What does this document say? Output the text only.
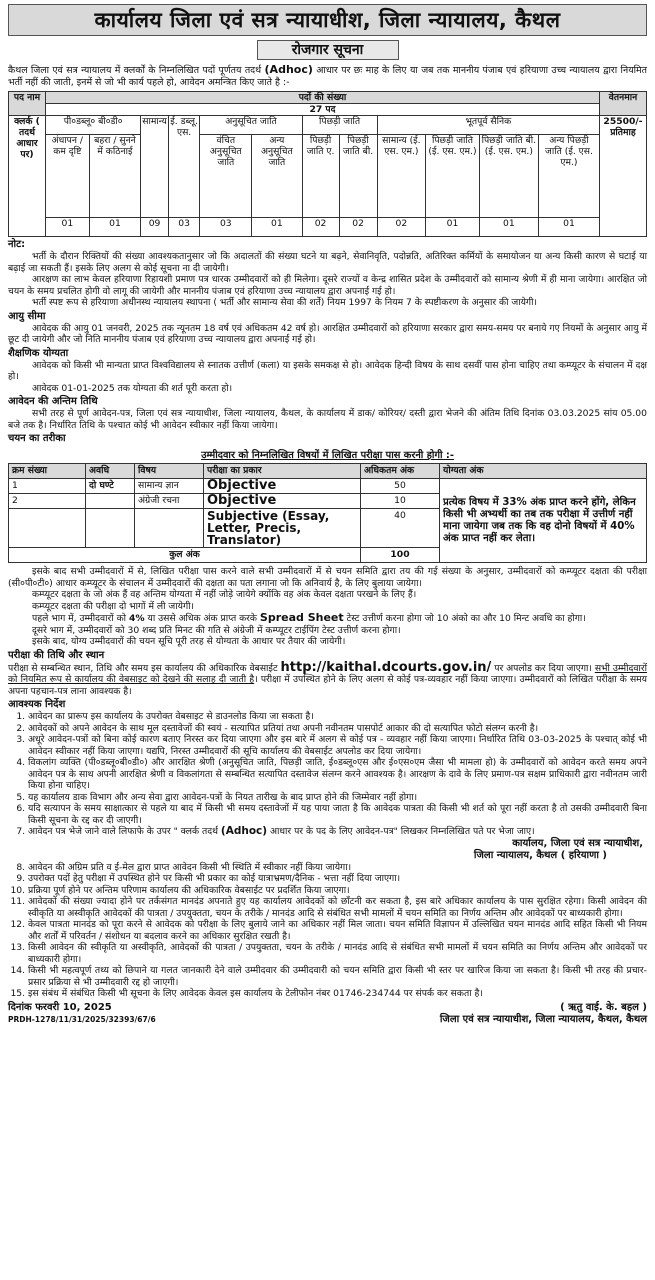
कार्यालय जिला एवं सत्र न्यायाधीश, जिला न्यायालय, कैथल
रोजगार सूचना

कैथल जिला एवं सत्र न्यायालय में क्लर्कों के निम्नलिखित पदों पूर्णतय तदर्थ (Adhoc) आधार पर छः माह के लिए या जब तक माननीय पंजाब एवं हरियाणा उच्च न्यायालय द्वारा नियमित भर्ती नहीं की जाती, इनमें से जो भी कार्य पहले हो, आवेदन अमन्त्रित किए जाते है :-

पद नाम	पदों की संख्या												वेतनमान
	27 पद												
क्लर्क ( तदर्थ आधार पर)	पी०डब्लू० बी०डी०		सामान्य	ई. डब्लू. एस.	अनुसूचित जाति		पिछड़ी जाति		भूतपूर्व सैनिक				25500/- प्रतिमाह
	अंधापन / कम दृष्टि	बहरा / सुनने में कठिनाई			वंचित अनुसूचित जाति	अन्य अनुसूचित जाति	पिछड़ी जाति ए.	पिछड़ी जाति बी.	सामान्य (ई. एस. एम.)	पिछड़ी जाति (ई. एस. एम.)	पिछड़ी जाति बी. (ई. एस. एम.)	अन्य पिछड़ी जाति (ई. एस. एम.)	
	01	01	09	03	03	01	02	02	02	01	01	01	
नोट:

भर्ती के दौरान रिक्तियों की संख्या आवश्यकतानुसार जो कि अदालतों की संख्या घटने या बढ़ने, सेवानिवृति, पदोन्नति, अतिरिक्त कर्मियों के समायोजन या अन्य किसी कारण से घटाई या बढ़ाई जा सकती हैं। इसके लिए अलग से कोई सूचना ना दी जायेगी।

आरक्षण का लाभ केवल हरियाणा रिहायशी प्रमाण पत्र धारक उम्मीदवारों को ही मिलेगा। दूसरे राज्यों व केन्द्र शासित प्रदेश के उम्मीदवारों को सामान्य श्रेणी में ही माना जायेगा। आरक्षित जो चयन के समय प्रचलित होगी वो लागू की जायेगी और माननीय पंजाब एवं हरियाणा उच्च न्यायालय द्वारा अपनाई गई हो।

भर्ती स्पष्ट रूप से हरियाणा अधीनस्थ न्यायालय स्थापना ( भर्ती और सामान्य सेवा की शर्ते) नियम 1997 के नियम 7 के स्पष्टीकरण के अनुसार की जायेगी।

आयु सीमा

आवेदक की आयु 01 जनवरी, 2025 तक न्यूनतम 18 वर्ष एवं अधिकतम 42 वर्ष हो। आरक्षित उम्मीदवारों को हरियाणा सरकार द्वारा समय-समय पर बनाये गए नियमों के अनुसार आयु में छूट दी जायेगी और जो निति माननीय पंजाब एवं हरियाणा उच्च न्यायालय द्वारा अपनाई गई हो।

शैक्षणिक योग्यता

आवेदक को किसी भी मान्यता प्राप्त विश्वविद्यालय से स्नातक उत्तीर्ण (कला) या इसके समकक्ष से हो। आवेदक हिन्दी विषय के साथ दसवीं पास होना चाहिए तथा कम्प्यूटर के संचालन में दक्ष हो।

आवेदक 01-01-2025 तक योग्यता की शर्त पूरी करता हो।

आवेदन की अन्तिम तिथि

सभी तरह से पूर्ण आवेदन-पत्र, जिला एवं सत्र न्यायाधीश, जिला न्यायालय, कैथल, के कार्यालय में डाक/ कोरियर/ दस्ती द्वारा भेजने की अंतिम तिथि दिनांक 03.03.2025 सांय 05.00 बजे तक है। निर्धारित तिथि के पश्चात कोई भी आवेदन स्वीकार नहीं किया जायेगा।

चयन का तरीका
उम्मीदवार को निम्नलिखित विषयों में लिखित परीक्षा पास करनी होगी :-
क्रम संख्या	अवधि	विषय	परीक्षा का प्रकार	अधिकतम अंक	योग्यता अंक
1	दो घण्टे	सामान्य ज्ञान	Objective	50	प्रत्येक विषय में 33% अंक प्राप्त करने होंगे, लेकिन किसी भी अभ्यर्थी का तब तक परीक्षा में उत्तीर्ण नहीं माना जायेगा जब तक कि वह दोनो विषयों में 40% अंक प्राप्त नहीं कर लेता।
2		अंग्रेजी रचना	Objective	10	
			Subjective (Essay, Letter, Precis, Translator)	40	
कुल अंक				100	

इसके बाद सभी उम्मीदवारों में से, लिखित परीक्षा पास करने वाले सभी उम्मीदवारों में से चयन समिति द्वारा तय की गई संख्या के अनुसार, उम्मीदवारों को कम्प्यूटर दक्षता की परीक्षा (सी०पी०टी०) आधार कम्प्यूटर के संचालन में उम्मीदवारों की दक्षता का पता लगाना जो कि अनिवार्य है, के लिए बुलाया जायेगा।

कम्प्यूटर दक्षता के जो अंक हैं वह अन्तिम योग्यता में नहीं जोड़े जायेगे क्योंकि वह अंक केवल दक्षता परखने के लिए हैं।

कम्प्यूटर दक्षता की परीक्षा दो भागों में ली जायेगी।

पहले भाग में, उम्मीदवारों को 4% या उससे अधिक अंक प्राप्त करके Spread Sheet टेस्ट उत्तीर्ण करना होगा जो 10 अंको का और 10 मिन्ट अवधि का होगा।

दूसरे भाग में, उम्मीदवारों को 30 शब्द प्रति मिनट की गति से अंग्रेजी में कम्प्यूटर टाईपिंग टेस्ट उत्तीर्ण करना होगा।

इसके बाद, योग्य उम्मीदवारों की चयन सूचि पूरी तरह से योग्यता के आधार पर तैयार की जायेगी।

परीक्षा की तिथि और स्थान

परीक्षा से सम्बन्धित स्थान, तिथि और समय इस कार्यालय की अधिकारिक वेबसाईट http://kaithal.dcourts.gov.in/ पर अपलोड कर दिया जाएगा। सभी उम्मीदवारों को नियमित रूप से कार्यालय की वेबसाइट को देखने की सलाह दी जाती है। परीक्षा में उपस्थित होने के लिए अलग से कोई पत्र-व्यवहार नहीं किया जाएगा। उम्मीदवारों को लिखित परीक्षा के समय अपना पहचान-पत्र लाना आवश्यक है।

आवश्यक निर्देश
1. आवेदन का प्रारूप इस कार्यालय के उपरोक्त वेबसाइट से डाउनलोड किया जा सकता है।
2. आवेदकों को अपने आवेदन के साथ मूल दस्तावेजों की स्वयं - सत्यापित प्रतियां तथा अपनी नवीनतम पासपोर्ट आकार की दो सत्यापित फोटो संलग्न करनी है।
3. अधूरे आवेदन-पत्रों को बिना कोई कारण बताए निरस्त कर दिया जाएगा और इस बारे में अलग से कोई पत्र - व्यवहार नहीं किया जाएगा। निर्धारित तिथि 03-03-2025 के पश्चात् कोई भी आवेदन स्वीकार नहीं किया जाएगा। यद्यपि, निरस्त उम्मीदवारों की सूचि कार्यालय की वेबसाईट अपलोड कर दिया जायेगा।
4. विकलांग व्यक्ति (पी०डब्लू०बी०डी०) और आरक्षित श्रेणी (अनुसूचित जाति, पिछड़ी जाति, ई०डब्लू०एस और ई०एस०एम जैसा भी मामला हो) के उम्मीदवारों को आवेदन करते समय अपने आवेदन पत्र के साथ अपनी आरक्षित श्रेणी व विकलांगता से सम्बन्धित सत्यापित दस्तावेज संलग्न करने आवश्यक है। आरक्षण के दावे के लिए प्रमाण-पत्र सक्षम प्राधिकारी द्वारा नवीनतम जारी किया होना चाहिए।
5. यह कार्यालय डाक विभाग और अन्य सेवा द्वारा आवेदन-पत्रों के नियत तारीख के बाद प्राप्त होने की जिम्मेवार नहीं होगा।
6. यदि सत्यापन के समय साक्षात्कार से पहले या बाद में किसी भी समय दस्तावेजों में यह पाया जाता है कि आवेदक पात्रता की किसी भी शर्त को पूरा नहीं करता है तो उसकी उम्मीदवारी बिना किसी सूचना के रद्द कर दी जाएगी।
7. आवेदन पत्र भेजे जाने वाले लिफाफे के उपर " क्लर्क तदर्थ (Adhoc) आधार पर के पद के लिए आवेदन-पत्र" लिखकर निम्नलिखित पते पर भेजा जाए।
कार्यालय, जिला एवं सत्र न्यायाधीश,
जिला न्यायालय, कैथल ( हरियाणा )
8. आवेदन की अग्रिम प्रति व ई-मेल द्वारा प्राप्त आवेदन किसी भी स्थिति में स्वीकार नहीं किया जायेगा।
9. उपरोक्त पदों हेतु परीक्षा में उपस्थित होने पर किसी भी प्रकार का कोई यात्राभ्रमण/दैनिक - भत्ता नहीं दिया जाएगा।
10. प्रक्रिया पूर्ण होने पर अन्तिम परिणाम कार्यालय की अधिकारिक वेबसाईट पर प्रदर्शित किया जाएगा।
11. आवेदकों की संख्या ज्यादा होने पर तर्कसंगत मानदंड अपनाते हुए यह कार्यालय आवेदकों को छाँटनी कर सकता है, इस बारे अधिकार कार्यालय के पास सुरक्षित रहेगा। किसी आवेदन की स्वीकृति या अस्वीकृति आवेदकों की पात्रता / उपयुक्तता, चयन के तरीके / मानदंड आदि से संबंधित सभी मामलों में चयन समिति का निर्णय अन्तिम और आवेदकों पर बाध्यकारी होगा।
12. केवल पात्रता मानदंड को पूरा करने से आवेदक को परीक्षा के लिए बुलाये जाने का अधिकार नहीं मिल जाता। चयन समिति विज्ञापन में उल्लिखित चयन मानदंड आदि सहित किसी भी नियम और शर्तों में परिवर्तन / संशोधन या बदलाव करने का अधिकार सुरक्षित रखती है।
13. किसी आवेदन की स्वीकृति या अस्वीकृति, आवेदकों की पात्रता / उपयुक्तता, चयन के तरीके / मानदंड आदि से संबंधित सभी मामलों में चयन समिति का निर्णय अन्तिम और आवेदकों पर बाध्यकारी होगा।
14. किसी भी महत्वपूर्ण तथ्य को छिपाने या गलत जानकारी देने वाले उम्मीदवार की उम्मीदवारी को चयन समिति द्वारा किसी भी स्तर पर खारिज किया जा सकता है। किसी भी तरह की प्रचार-प्रसार प्रक्रिया से भी उम्मीदवारी रद्द हो जाएगी।
15. इस संबंध में संबंधित किसी भी सूचना के लिए आवेदक केवल इस कार्यालय के टेलीफोन नंबर 01746-234744 पर संपर्क कर सकता है।
दिनांक फरवरी 10, 2025	( ऋतु वाई. के. बहल )
PRDH-1278/11/31/2025/32393/67/6	जिला एवं सत्र न्यायाधीश, जिला न्यायालय, कैथल, कैथल
